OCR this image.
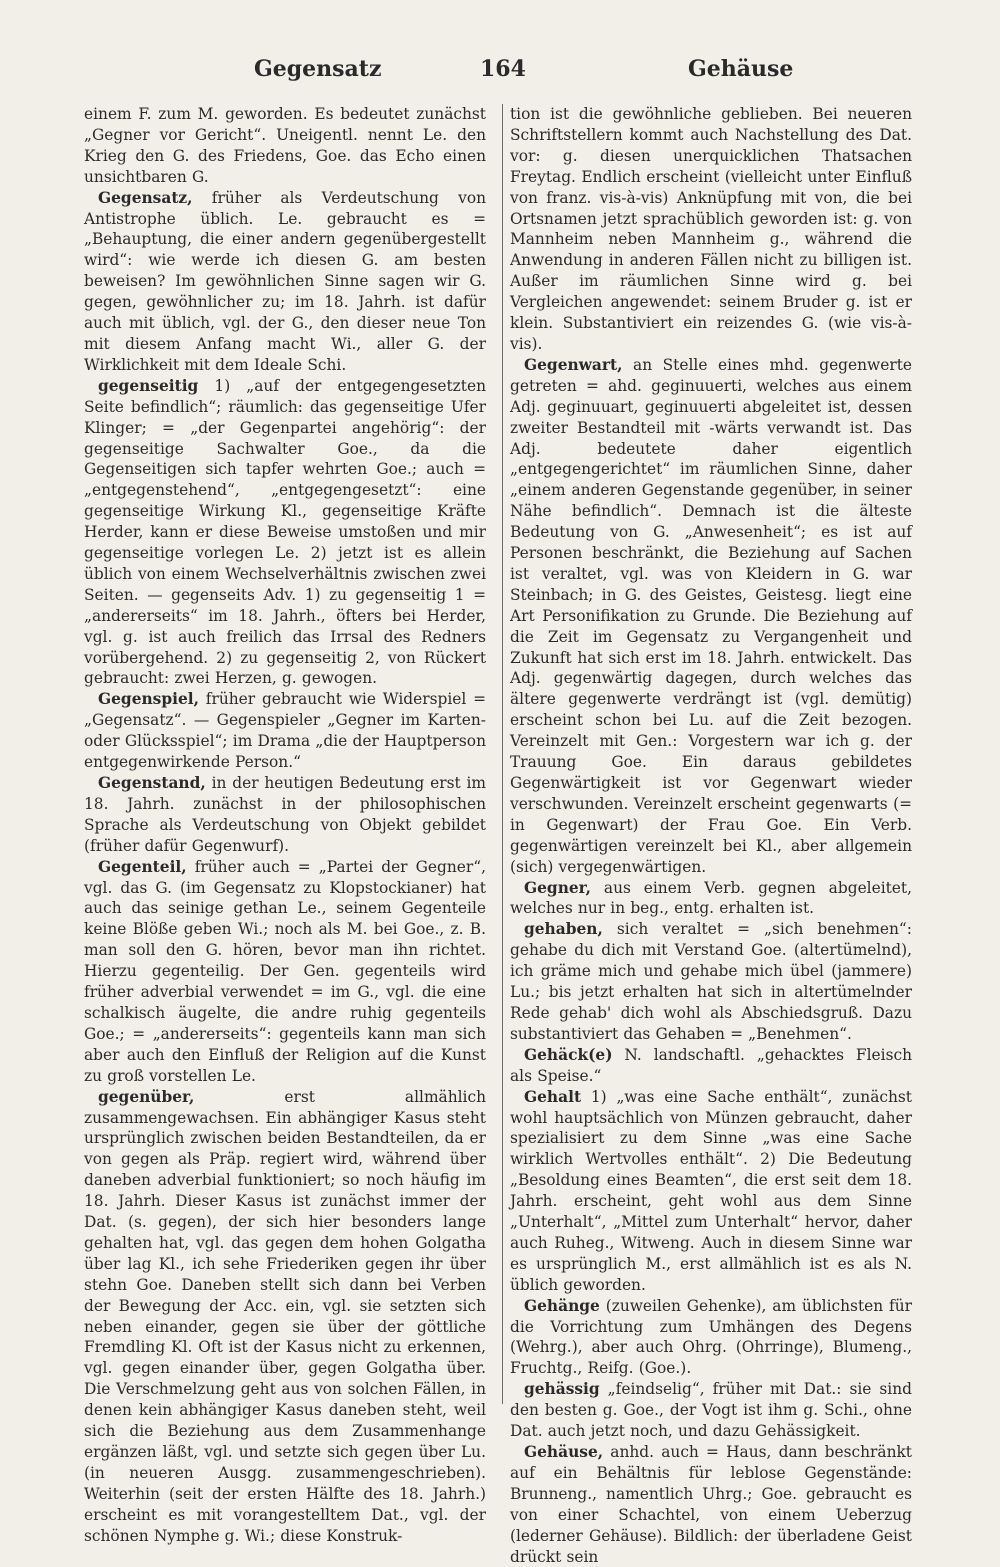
Gegensatz	164	Gehäuse

einem F. zum M. geworden. Es bedeutet zunächst „Gegner vor Gericht“. Uneigentl. nennt Le. den Krieg den G. des Friedens, Goe. das Echo einen unsichtbaren G.

Gegensatz, früher als Verdeutschung von Antistrophe üblich. Le. gebraucht es = „Behauptung, die einer andern gegenübergestellt wird“: wie werde ich diesen G. am besten beweisen? Im gewöhnlichen Sinne sagen wir G. gegen, gewöhnlicher zu; im 18. Jahrh. ist dafür auch mit üblich, vgl. der G., den dieser neue Ton mit diesem Anfang macht Wi., aller G. der Wirklichkeit mit dem Ideale Schi.

gegenseitig 1) „auf der entgegengesetzten Seite befindlich“; räumlich: das gegenseitige Ufer Klinger; = „der Gegenpartei angehörig“: der gegenseitige Sachwalter Goe., da die Gegenseitigen sich tapfer wehrten Goe.; auch = „entgegenstehend“, „entgegengesetzt“: eine gegenseitige Wirkung Kl., gegenseitige Kräfte Herder, kann er diese Beweise umstoßen und mir gegenseitige vorlegen Le. 2) jetzt ist es allein üblich von einem Wechselverhältnis zwischen zwei Seiten. — gegenseits Adv. 1) zu gegenseitig 1 = „andererseits“ im 18. Jahrh., öfters bei Herder, vgl. g. ist auch freilich das Irrsal des Redners vorübergehend. 2) zu gegenseitig 2, von Rückert gebraucht: zwei Herzen, g. gewogen.

Gegenspiel, früher gebraucht wie Widerspiel = „Gegensatz“. — Gegenspieler „Gegner im Karten- oder Glücksspiel“; im Drama „die der Hauptperson entgegenwirkende Person.“

Gegenstand, in der heutigen Bedeutung erst im 18. Jahrh. zunächst in der philosophischen Sprache als Verdeutschung von Objekt gebildet (früher dafür Gegenwurf).

Gegenteil, früher auch = „Partei der Gegner“, vgl. das G. (im Gegensatz zu Klopstockianer) hat auch das seinige gethan Le., seinem Gegenteile keine Blöße geben Wi.; noch als M. bei Goe., z. B. man soll den G. hören, bevor man ihn richtet. Hierzu gegenteilig. Der Gen. gegenteils wird früher adverbial verwendet = im G., vgl. die eine schalkisch äugelte, die andre ruhig gegenteils Goe.; = „andererseits“: gegenteils kann man sich aber auch den Einfluß der Religion auf die Kunst zu groß vorstellen Le.

gegenüber, erst allmählich zusammengewachsen. Ein abhängiger Kasus steht ursprünglich zwischen beiden Bestandteilen, da er von gegen als Präp. regiert wird, während über daneben adverbial funktioniert; so noch häufig im 18. Jahrh. Dieser Kasus ist zunächst immer der Dat. (s. gegen), der sich hier besonders lange gehalten hat, vgl. das gegen dem hohen Golgatha über lag Kl., ich sehe Friederiken gegen ihr über stehn Goe. Daneben stellt sich dann bei Verben der Bewegung der Acc. ein, vgl. sie setzten sich neben einander, gegen sie über der göttliche Fremdling Kl. Oft ist der Kasus nicht zu erkennen, vgl. gegen einander über, gegen Golgatha über. Die Verschmelzung geht aus von solchen Fällen, in denen kein abhängiger Kasus daneben steht, weil sich die Beziehung aus dem Zusammenhange ergänzen läßt, vgl. und setzte sich gegen über Lu. (in neueren Ausgg. zusammengeschrieben). Weiterhin (seit der ersten Hälfte des 18. Jahrh.) erscheint es mit vorangestelltem Dat., vgl. der schönen Nymphe g. Wi.; diese Konstruk-

tion ist die gewöhnliche geblieben. Bei neueren Schriftstellern kommt auch Nachstellung des Dat. vor: g. diesen unerquicklichen Thatsachen Freytag. Endlich erscheint (vielleicht unter Einfluß von franz. vis-à-vis) Anknüpfung mit von, die bei Ortsnamen jetzt sprachüblich geworden ist: g. von Mannheim neben Mannheim g., während die Anwendung in anderen Fällen nicht zu billigen ist. Außer im räumlichen Sinne wird g. bei Vergleichen angewendet: seinem Bruder g. ist er klein. Substantiviert ein reizendes G. (wie vis-à-vis).

Gegenwart, an Stelle eines mhd. gegenwerte getreten = ahd. geginuuerti, welches aus einem Adj. geginuuart, geginuuerti abgeleitet ist, dessen zweiter Bestandteil mit -wärts verwandt ist. Das Adj. bedeutete daher eigentlich „entgegengerichtet“ im räumlichen Sinne, daher „einem anderen Gegenstande gegenüber, in seiner Nähe befindlich“. Demnach ist die älteste Bedeutung von G. „Anwesenheit“; es ist auf Personen beschränkt, die Beziehung auf Sachen ist veraltet, vgl. was von Kleidern in G. war Steinbach; in G. des Geistes, Geistesg. liegt eine Art Personifikation zu Grunde. Die Beziehung auf die Zeit im Gegensatz zu Vergangenheit und Zukunft hat sich erst im 18. Jahrh. entwickelt. Das Adj. gegenwärtig dagegen, durch welches das ältere gegenwerte verdrängt ist (vgl. demütig) erscheint schon bei Lu. auf die Zeit bezogen. Vereinzelt mit Gen.: Vorgestern war ich g. der Trauung Goe. Ein daraus gebildetes Gegenwärtigkeit ist vor Gegenwart wieder verschwunden. Vereinzelt erscheint gegenwarts (= in Gegenwart) der Frau Goe. Ein Verb. gegenwärtigen vereinzelt bei Kl., aber allgemein (sich) vergegenwärtigen.

Gegner, aus einem Verb. gegnen abgeleitet, welches nur in beg., entg. erhalten ist.

gehaben, sich veraltet = „sich benehmen“: gehabe du dich mit Verstand Goe. (altertümelnd), ich gräme mich und gehabe mich übel (jammere) Lu.; bis jetzt erhalten hat sich in altertümelnder Rede gehab' dich wohl als Abschiedsgruß. Dazu substantiviert das Gehaben = „Benehmen“.

Gehäck(e) N. landschaftl. „gehacktes Fleisch als Speise.“

Gehalt 1) „was eine Sache enthält“, zunächst wohl hauptsächlich von Münzen gebraucht, daher spezialisiert zu dem Sinne „was eine Sache wirklich Wertvolles enthält“. 2) Die Bedeutung „Besoldung eines Beamten“, die erst seit dem 18. Jahrh. erscheint, geht wohl aus dem Sinne „Unterhalt“, „Mittel zum Unterhalt“ hervor, daher auch Ruheg., Witweng. Auch in diesem Sinne war es ursprünglich M., erst allmählich ist es als N. üblich geworden.

Gehänge (zuweilen Gehenke), am üblichsten für die Vorrichtung zum Umhängen des Degens (Wehrg.), aber auch Ohrg. (Ohrringe), Blumeng., Fruchtg., Reifg. (Goe.).

gehässig „feindselig“, früher mit Dat.: sie sind den besten g. Goe., der Vogt ist ihm g. Schi., ohne Dat. auch jetzt noch, und dazu Gehässigkeit.

Gehäuse, anhd. auch = Haus, dann beschränkt auf ein Behältnis für leblose Gegenstände: Brunneng., namentlich Uhrg.; Goe. gebraucht es von einer Schachtel, von einem Ueberzug (lederner Gehäuse). Bildlich: der überladene Geist drückt sein
